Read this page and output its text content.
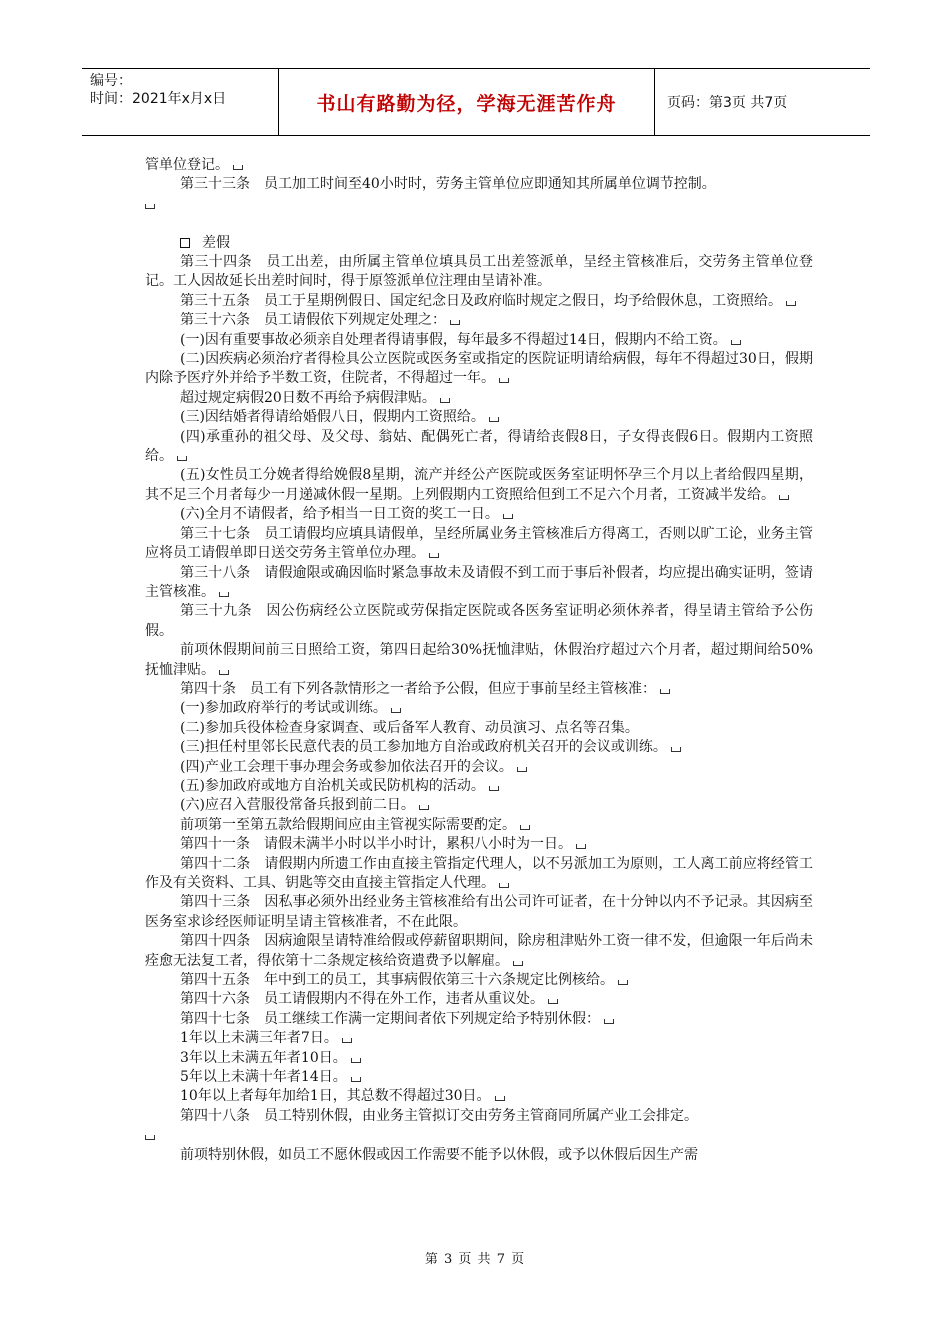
编号：
时间：2021年x月x日	书山有路勤为径，学海无涯苦作舟	页码：第3页 共7页

管单位登记。

第三十三条　员工加工时间至40小时时，劳务主管单位应即通知其所属单位调节控制。

差假

第三十四条　员工出差，由所属主管单位填具员工出差签派单，呈经主管核准后，交劳务主管单位登记。工人因故延长出差时间时，得于原签派单位注理由呈请补准。

第三十五条　员工于星期例假日、国定纪念日及政府临时规定之假日，均予给假休息，工资照给。

第三十六条　员工请假依下列规定处理之：

(一)因有重要事故必须亲自处理者得请事假，每年最多不得超过14日，假期内不给工资。

(二)因疾病必须治疗者得检具公立医院或医务室或指定的医院证明请给病假，每年不得超过30日，假期内除予医疗外并给予半数工资，住院者，不得超过一年。

超过规定病假20日数不再给予病假津贴。

(三)因结婚者得请给婚假八日，假期内工资照给。

(四)承重孙的祖父母、及父母、翁姑、配偶死亡者，得请给丧假8日，子女得丧假6日。假期内工资照给。

(五)女性员工分娩者得给娩假8星期，流产并经公产医院或医务室证明怀孕三个月以上者给假四星期，其不足三个月者每少一月递减休假一星期。上列假期内工资照给但到工不足六个月者，工资减半发给。

(六)全月不请假者，给予相当一日工资的奖工一日。

第三十七条　员工请假均应填具请假单，呈经所属业务主管核准后方得离工，否则以旷工论，业务主管应将员工请假单即日送交劳务主管单位办理。

第三十八条　请假逾限或确因临时紧急事故未及请假不到工而于事后补假者，均应提出确实证明，签请主管核准。

第三十九条　因公伤病经公立医院或劳保指定医院或各医务室证明必须休养者，得呈请主管给予公伤假。

前项休假期间前三日照给工资，第四日起给30%抚恤津贴，休假治疗超过六个月者，超过期间给50%抚恤津贴。

第四十条　员工有下列各款情形之一者给予公假，但应于事前呈经主管核准：

(一)参加政府举行的考试或训练。

(二)参加兵役体检查身家调查、或后备军人教育、动员演习、点名等召集。

(三)担任村里邻长民意代表的员工参加地方自治或政府机关召开的会议或训练。

(四)产业工会理干事办理会务或参加依法召开的会议。

(五)参加政府或地方自治机关或民防机构的活动。

(六)应召入营服役常备兵报到前二日。

前项第一至第五款给假期间应由主管视实际需要酌定。

第四十一条　请假未满半小时以半小时计，累积八小时为一日。

第四十二条　请假期内所遗工作由直接主管指定代理人，以不另派加工为原则，工人离工前应将经管工作及有关资料、工具、钥匙等交由直接主管指定人代理。

第四十三条　因私事必须外出经业务主管核准给有出公司许可证者，在十分钟以内不予记录。其因病至医务室求诊经医师证明呈请主管核准者，不在此限。

第四十四条　因病逾限呈请特准给假或停薪留职期间，除房租津贴外工资一律不发，但逾限一年后尚未痊愈无法复工者，得依第十二条规定核给资遣费予以解雇。

第四十五条　年中到工的员工，其事病假依第三十六条规定比例核给。

第四十六条　员工请假期内不得在外工作，违者从重议处。

第四十七条　员工继续工作满一定期间者依下列规定给予特别休假：

1年以上未满三年者7日。

3年以上未满五年者10日。

5年以上未满十年者14日。

10年以上者每年加给1日，其总数不得超过30日。

第四十八条　员工特别休假，由业务主管拟订交由劳务主管商同所属产业工会排定。

前项特别休假，如员工不愿休假或因工作需要不能予以休假，或予以休假后因生产需

第 3 页 共 7 页
